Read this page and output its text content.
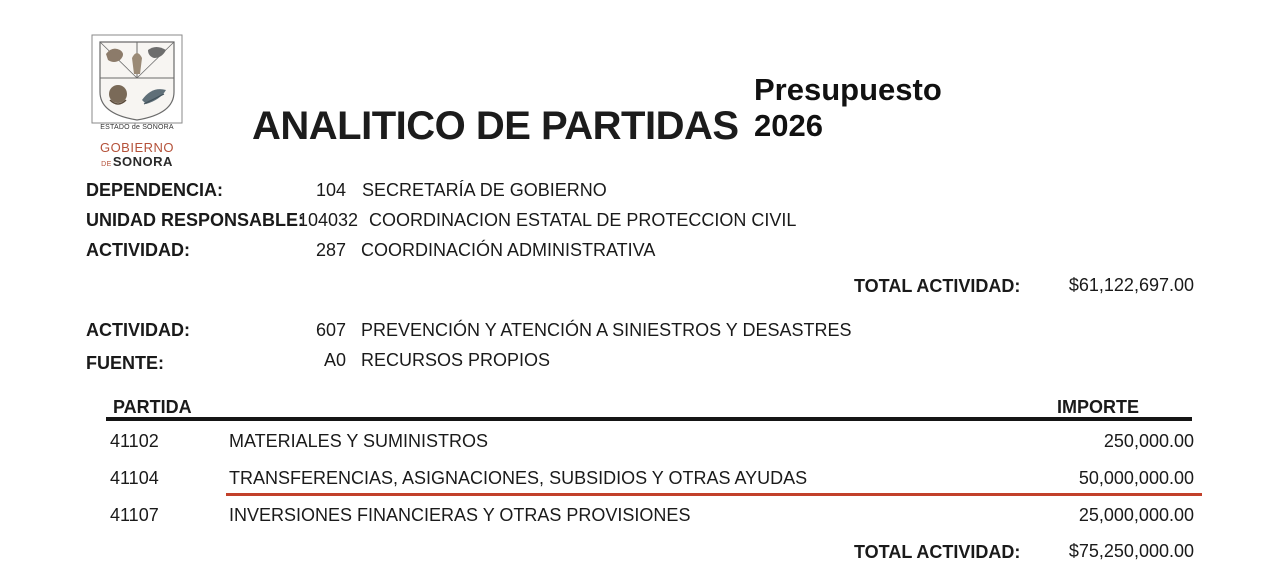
ESTADO de SONORA
GOBIERNO
DESONORA
ANALITICO DE PARTIDAS
Presupuesto
2026
DEPENDENCIA:	104 SECRETARÍA DE GOBIERNO
UNIDAD RESPONSABLE:
104032 COORDINACION ESTATAL DE PROTECCION CIVIL
ACTIVIDAD:	287 COORDINACIÓN ADMINISTRATIVA
TOTAL ACTIVIDAD:	$61,122,697.00
ACTIVIDAD:	607 PREVENCIÓN Y ATENCIÓN A SINIESTROS Y DESASTRES
FUENTE:	A0 RECURSOS PROPIOS
PARTIDA	IMPORTE
41102	MATERIALES Y SUMINISTROS	250,000.00
41104	TRANSFERENCIAS, ASIGNACIONES, SUBSIDIOS Y OTRAS AYUDAS	50,000,000.00
41107	INVERSIONES FINANCIERAS Y OTRAS PROVISIONES	25,000,000.00
TOTAL ACTIVIDAD:	$75,250,000.00
